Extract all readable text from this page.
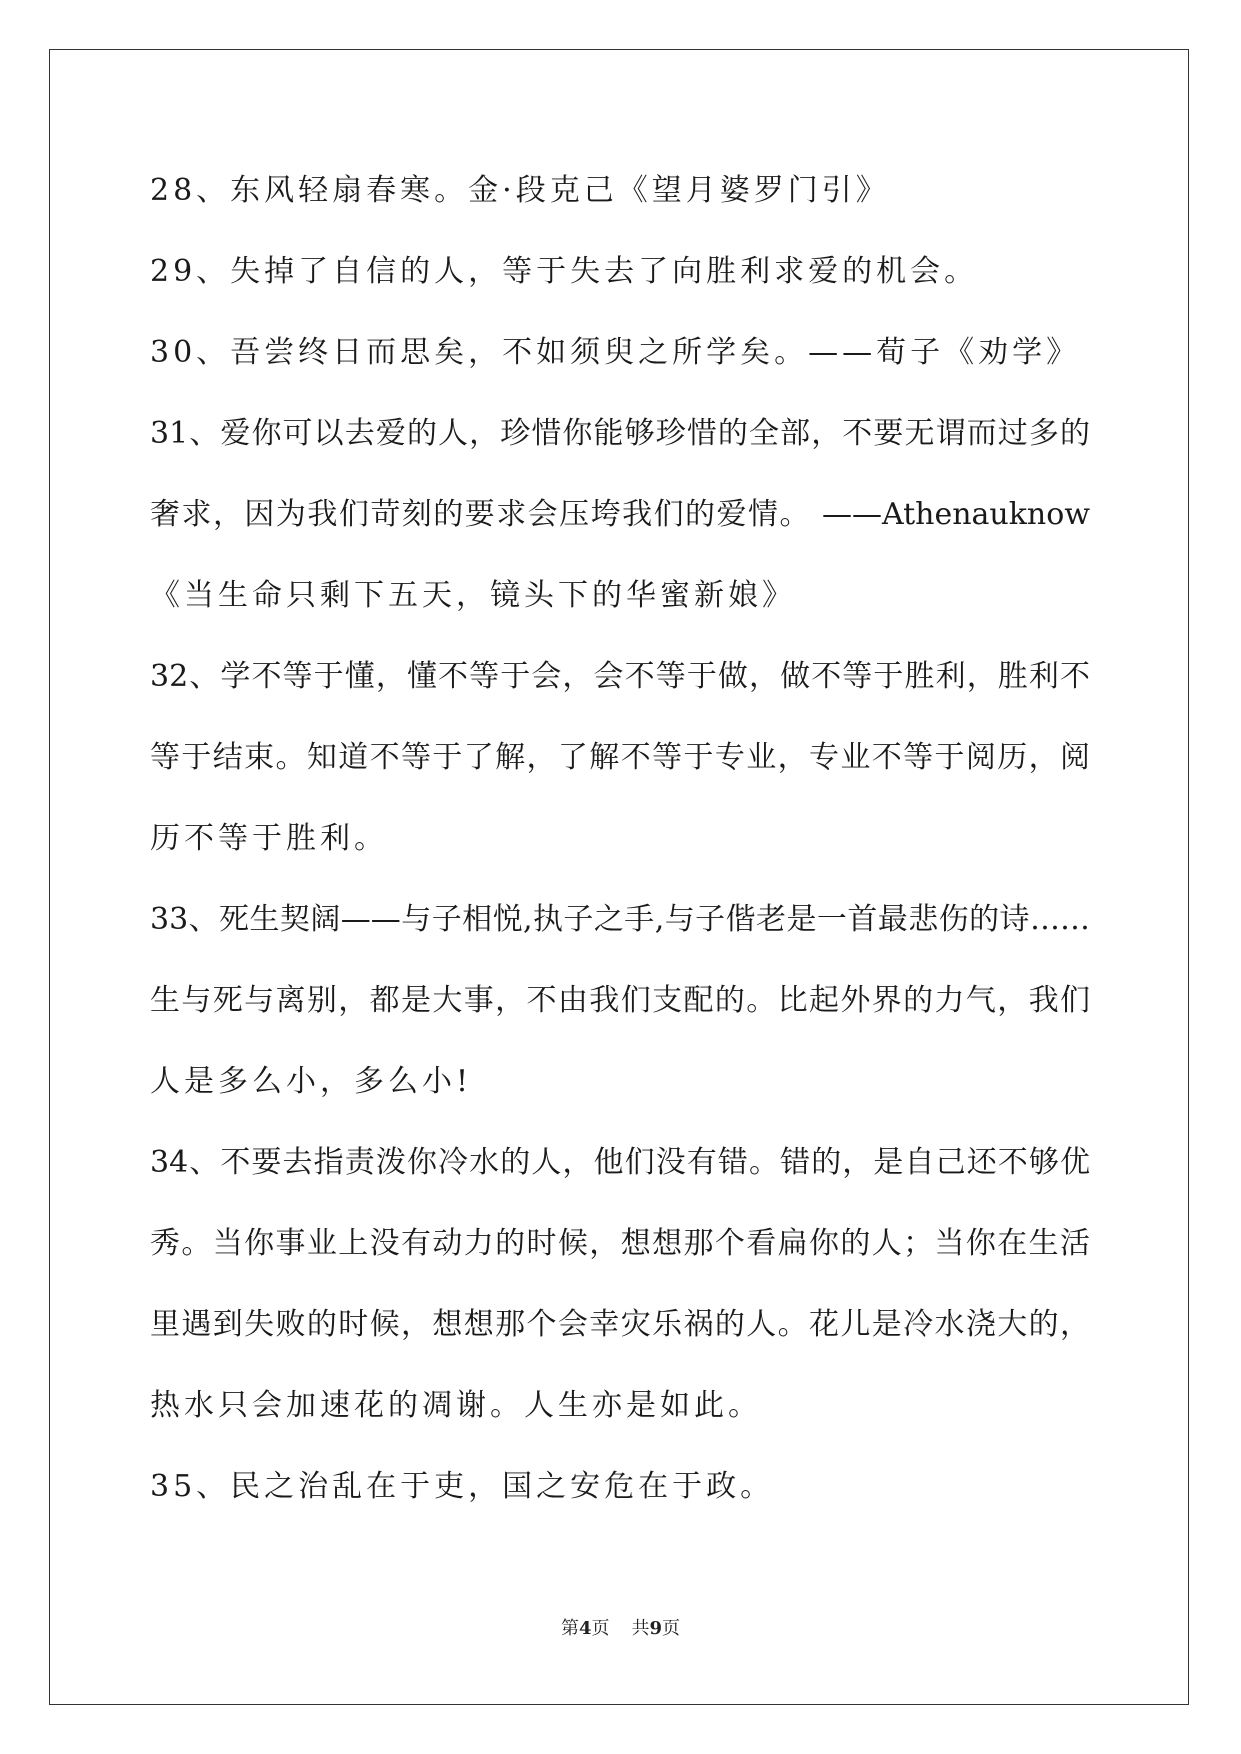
28、东风轻扇春寒。金·段克己《望月婆罗门引》
29、失掉了自信的人，等于失去了向胜利求爱的机会。
30、吾尝终日而思矣，不如须臾之所学矣。——荀子《劝学》
31、爱你可以去爱的人，珍惜你能够珍惜的全部，不要无谓而过多的
奢求，因为我们苛刻的要求会压垮我们的爱情。 ——Athenauknow
《当生命只剩下五天，镜头下的华蜜新娘》
32、学不等于懂，懂不等于会，会不等于做，做不等于胜利，胜利不
等于结束。知道不等于了解，了解不等于专业，专业不等于阅历，阅
历不等于胜利。
33、死生契阔——与子相悦,执子之手,与子偕老是一首最悲伤的诗……
生与死与离别，都是大事，不由我们支配的。比起外界的力气，我们
人是多么小，多么小!
34、不要去指责泼你冷水的人，他们没有错。错的，是自己还不够优
秀。当你事业上没有动力的时候，想想那个看扁你的人；当你在生活
里遇到失败的时候，想想那个会幸灾乐祸的人。花儿是冷水浇大的，
热水只会加速花的凋谢。人生亦是如此。
35、民之治乱在于吏，国之安危在于政。
第4页 共9页
